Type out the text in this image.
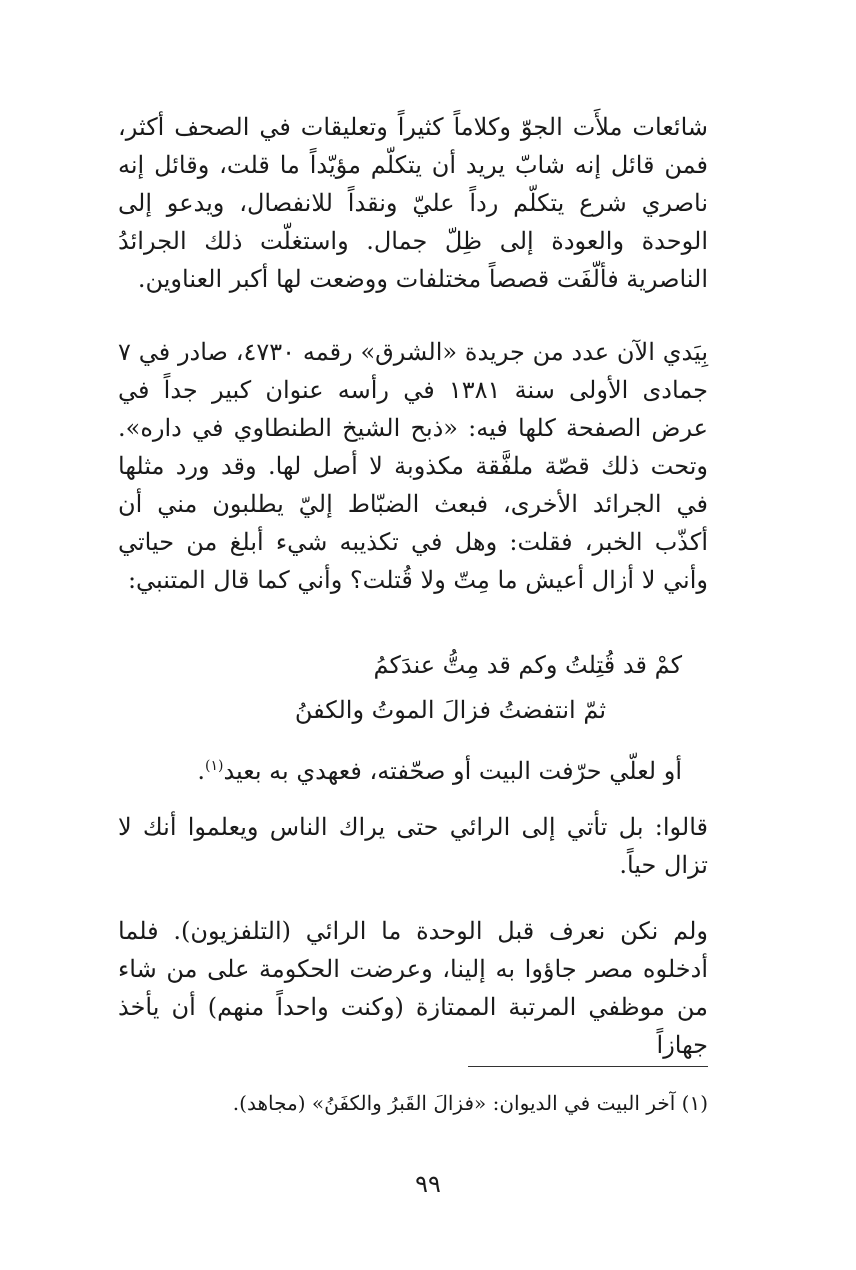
شائعات ملأَت الجوّ وكلاماً كثيراً وتعليقات في الصحف أكثر، فمن قائل إنه شابّ يريد أن يتكلّم مؤيّداً ما قلت، وقائل إنه ناصري شرع يتكلّم رداً عليّ ونقداً للانفصال، ويدعو إلى الوحدة والعودة إلى ظِلّ جمال. واستغلّت ذلك الجرائدُ الناصرية فألّفَت قصصاً مختلفات ووضعت لها أكبر العناوين.

بِيَدي الآن عدد من جريدة «الشرق» رقمه ٤٧٣٠، صادر في ٧ جمادى الأولى سنة ١٣٨١ في رأسه عنوان كبير جداً في عرض الصفحة كلها فيه: «ذبح الشيخ الطنطاوي في داره». وتحت ذلك قصّة ملفَّقة مكذوبة لا أصل لها. وقد ورد مثلها في الجرائد الأخرى، فبعث الضبّاط إليّ يطلبون مني أن أكذّب الخبر، فقلت: وهل في تكذيبه شيء أبلغ من حياتي وأني لا أزال أعيش ما مِتّ ولا قُتلت؟ وأني كما قال المتنبي:

كمْ قد قُتِلتُ وكم قد مِتُّ عندَكمُ
ثمّ انتفضتُ فزالَ الموتُ والكفنُ
أو لعلّي حرّفت البيت أو صحّفته، فعهدي به بعيد$^{(١)}$.

قالوا: بل تأتي إلى الرائي حتى يراك الناس ويعلموا أنك لا تزال حياً.

ولم نكن نعرف قبل الوحدة ما الرائي (التلفزيون). فلما أدخلوه مصر جاؤوا به إلينا، وعرضت الحكومة على من شاء من موظفي المرتبة الممتازة (وكنت واحداً منهم) أن يأخذ جهازاً

(١) آخر البيت في الديوان: «فزالَ القَبرُ والكفَنُ» (مجاهد).
٩٩
